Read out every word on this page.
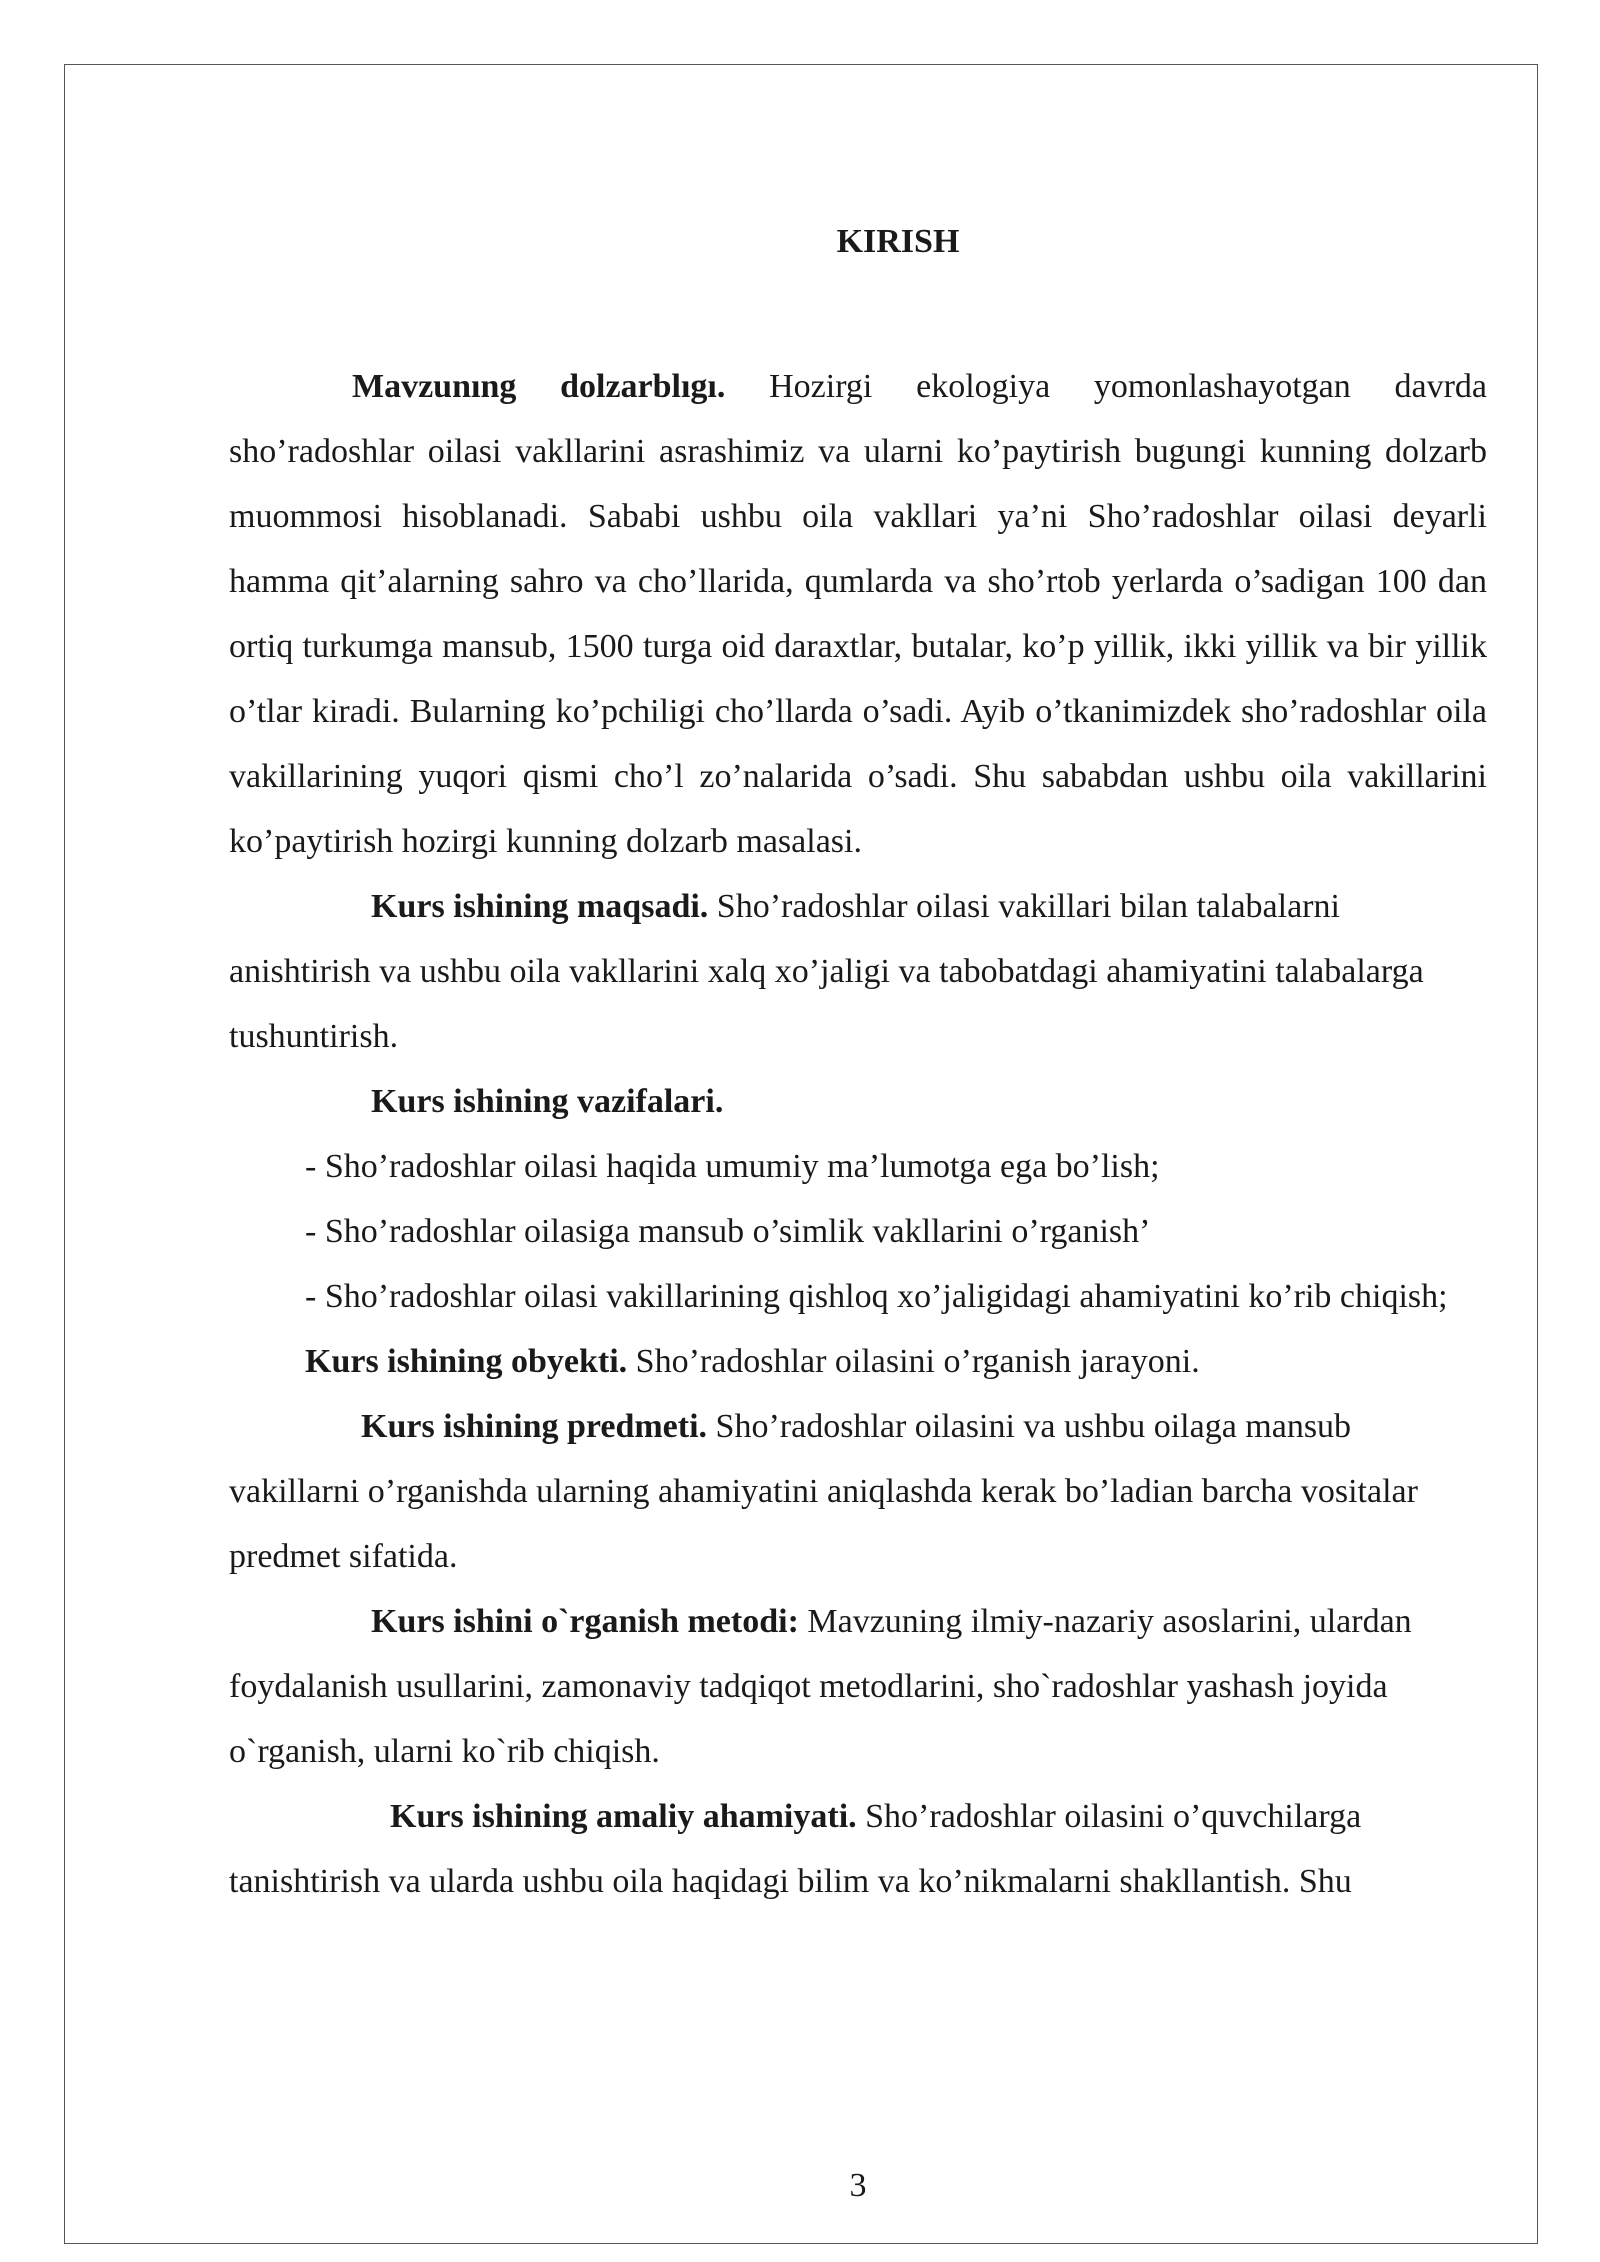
KIRISH

Mavzunıng dolzarblıgı. Hozirgi ekologiya yomonlashayotgan davrda sho’radoshlar oilasi vakllarini asrashimiz va ularni ko’paytirish bugungi kunning dolzarb muommosi hisoblanadi. Sababi ushbu oila vakllari ya’ni Sho’radoshlar oilasi deyarli hamma qit’alarning sahro va cho’llarida, qumlarda va sho’rtob yerlarda o’sadigan 100 dan ortiq turkumga mansub, 1500 turga oid daraxtlar, butalar, ko’p yillik, ikki yillik va bir yillik o’tlar kiradi. Bularning ko’pchiligi cho’llarda o’sadi. Ayib o’tkanimizdek sho’radoshlar oila vakillarining yuqori qismi cho’l zo’nalarida o’sadi. Shu sababdan ushbu oila vakillarini ko’paytirish hozirgi kunning dolzarb masalasi.

Kurs ishining maqsadi. Sho’radoshlar oilasi vakillari bilan talabalarni anishtirish va ushbu oila vakllarini xalq xo’jaligi va tabobatdagi ahamiyatini talabalarga tushuntirish.

Kurs ishining vazifalari.

- Sho’radoshlar oilasi haqida umumiy ma’lumotga ega bo’lish;

- Sho’radoshlar oilasiga mansub o’simlik vakllarini o’rganish’

- Sho’radoshlar oilasi vakillarining qishloq xo’jaligidagi ahamiyatini ko’rib chiqish;

Kurs ishining obyekti. Sho’radoshlar oilasini o’rganish jarayoni.

Kurs ishining predmeti. Sho’radoshlar oilasini va ushbu oilaga mansub vakillarni o’rganishda ularning ahamiyatini aniqlashda kerak bo’ladian barcha vositalar predmet sifatida.

Kurs ishini o`rganish metodi: Mavzuning ilmiy-nazariy asoslarini, ulardan foydalanish usullarini, zamonaviy tadqiqot metodlarini, sho`radoshlar yashash joyida o`rganish, ularni ko`rib chiqish.

Kurs ishining amaliy ahamiyati. Sho’radoshlar oilasini o’quvchilarga tanishtirish va ularda ushbu oila haqidagi bilim va ko’nikmalarni shakllantish. Shu

3
